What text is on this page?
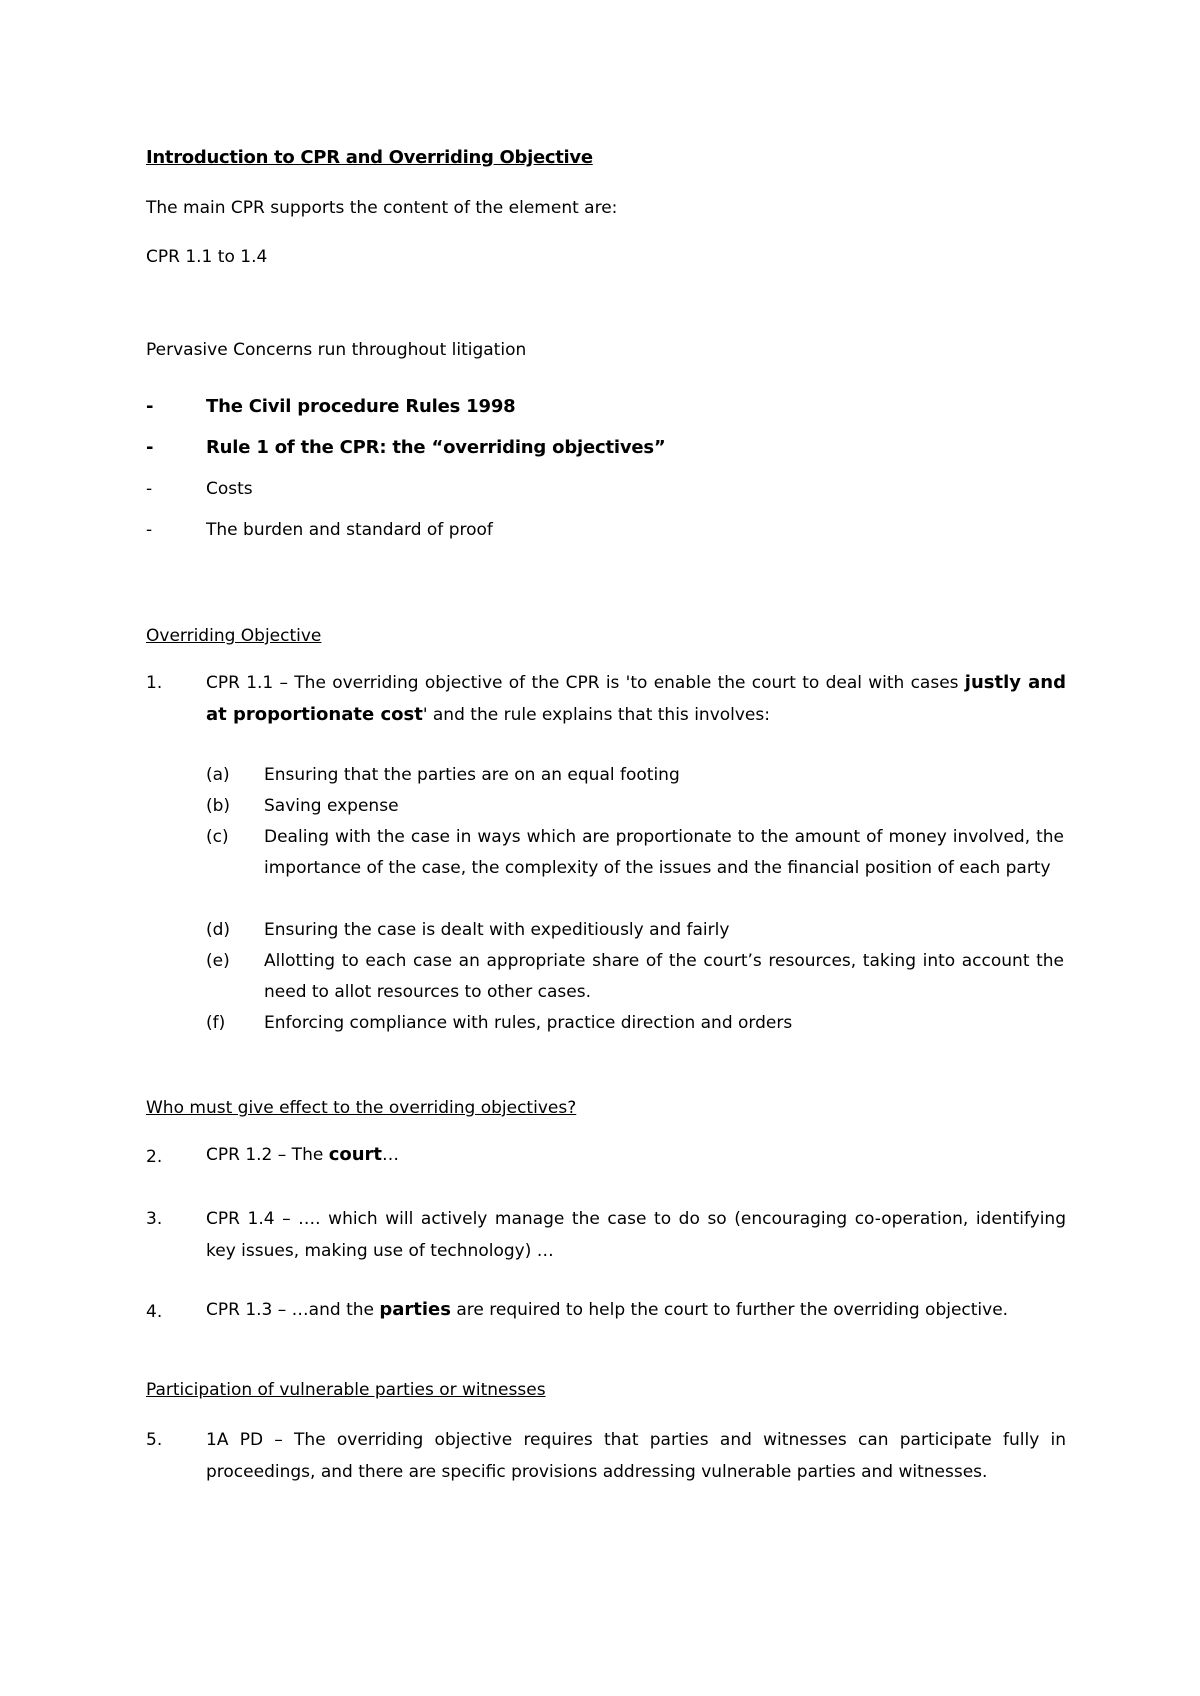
Introduction to CPR and Overriding Objective
The main CPR supports the content of the element are:
CPR 1.1 to 1.4
Pervasive Concerns run throughout litigation
-	The Civil procedure Rules 1998
-	Rule 1 of the CPR: the “overriding objectives”
-	Costs
-	The burden and standard of proof
Overriding Objective
1.	CPR 1.1 – The overriding objective of the CPR is 'to enable the court to deal with cases justly and at proportionate cost' and the rule explains that this involves:
(a)	Ensuring that the parties are on an equal footing
(b)	Saving expense
(c)	Dealing with the case in ways which are proportionate to the amount of money involved, the importance of the case, the complexity of the issues and the financial position of each party
(d)	Ensuring the case is dealt with expeditiously and fairly
(e)	Allotting to each case an appropriate share of the court’s resources, taking into account the need to allot resources to other cases.
(f)	Enforcing compliance with rules, practice direction and orders
Who must give effect to the overriding objectives?
2.	CPR 1.2 – The court…
3.	CPR 1.4 – …. which will actively manage the case to do so (encouraging co-operation, identifying key issues, making use of technology) …
4.	CPR 1.3 – …and the parties are required to help the court to further the overriding objective.
Participation of vulnerable parties or witnesses
5.	1A PD – The overriding objective requires that parties and witnesses can participate fully in proceedings, and there are specific provisions addressing vulnerable parties and witnesses.
